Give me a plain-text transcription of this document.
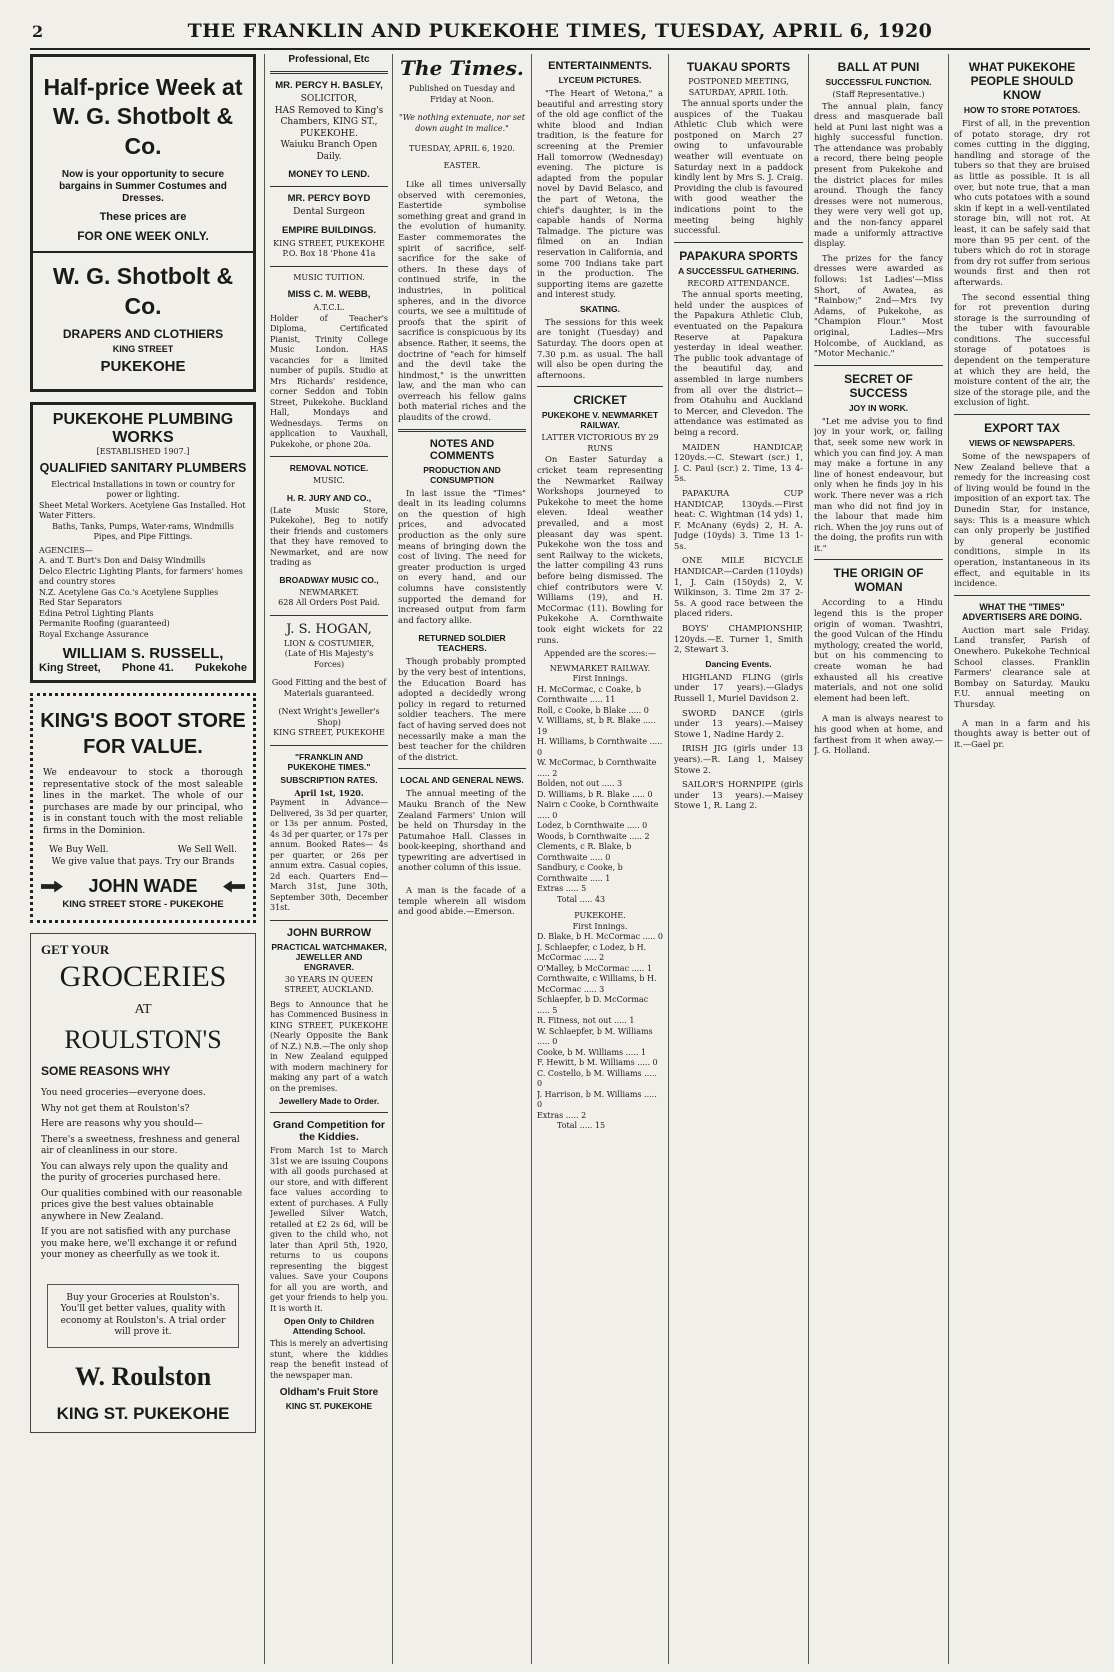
2	THE FRANKLIN AND PUKEKOHE TIMES, TUESDAY, APRIL 6, 1920
Half-price Week at
W. G. Shotbolt & Co.
Now is your opportunity to secure bargains in Summer Costumes and Dresses.
These prices are
FOR ONE WEEK ONLY.
W. G. Shotbolt & Co.
DRAPERS AND CLOTHIERS
KING STREET
PUKEKOHE
PUKEKOHE PLUMBING WORKS
[ESTABLISHED 1907.]
QUALIFIED SANITARY PLUMBERS
Electrical Installations in town or country for power or lighting.
Sheet Metal Workers. Acetylene Gas Installed. Hot Water Fitters.
Baths, Tanks, Pumps, Water-rams, Windmills Pipes, and Pipe Fittings.
AGENCIES—
A. and T. Burt's Don and Daisy Windmills
Delco Electric Lighting Plants, for farmers' homes and country stores
N.Z. Acetylene Gas Co.'s Acetylene Supplies
Red Star Separators
Edina Petrol Lighting Plants
Permanite Roofing (guaranteed)
Royal Exchange Assurance
WILLIAM S. RUSSELL,
King Street, Phone 41. Pukekohe
KING'S BOOT STORE
FOR VALUE.
We endeavour to stock a thorough representative stock of the most saleable lines in the market. The whole of our purchases are made by our principal, who is in constant touch with the most reliable firms in the Dominion.
We Buy Well.	We Sell Well.
We give value that pays. Try our Brands
JOHN WADE
KING STREET STORE - PUKEKOHE
GET YOUR
GROCERIES
AT
ROULSTON'S
SOME REASONS WHY

You need groceries—everyone does.

Why not get them at Roulston's?

Here are reasons why you should—

There's a sweetness, freshness and general air of cleanliness in our store.

You can always rely upon the quality and the purity of groceries purchased here.

Our qualities combined with our reasonable prices give the best values obtainable anywhere in New Zealand.

If you are not satisfied with any purchase you make here, we'll exchange it or refund your money as cheerfully as we took it.

Buy your Groceries at Roulston's. You'll get better values, quality with economy at Roulston's. A trial order will prove it.
W. Roulston
KING ST. PUKEKOHE
Professional, Etc
MR. PERCY H. BASLEY,
SOLICITOR,
HAS Removed to King's Chambers, KING ST., PUKEKOHE.
Waiuku Branch Open Daily.
MONEY TO LEND.
MR. PERCY BOYD
Dental Surgeon
EMPIRE BUILDINGS.
KING STREET, PUKEKOHE
P.O. Box 18 'Phone 41a
MUSIC TUITION.
MISS C. M. WEBB,
A.T.C.L.
Holder of Teacher's Diploma, Certificated Pianist, Trinity College Music London. HAS vacancies for a limited number of pupils. Studio at Mrs Richards' residence, corner Seddon and Tobin Street, Pukekohe. Buckland Hall, Mondays and Wednesdays. Terms on application to Vauxhall, Pukekohe, or phone 20a.
REMOVAL NOTICE.
MUSIC.
H. R. JURY AND CO.,
(Late Music Store, Pukekohe), Beg to notify their friends and customers that they have removed to Newmarket, and are now trading as
BROADWAY MUSIC CO.,
NEWMARKET.
628 All Orders Post Paid.
J. S. HOGAN,
LION & COSTUMIER,
(Late of His Majesty's Forces)
Good Fitting and the best of Materials guaranteed.
(Next Wright's Jeweller's Shop)
KING STREET, PUKEKOHE
"FRANKLIN AND PUKEKOHE TIMES."
SUBSCRIPTION RATES.
April 1st, 1920.
Payment in Advance— Delivered, 3s 3d per quarter, or 13s per annum. Posted, 4s 3d per quarter, or 17s per annum. Booked Rates— 4s per quarter, or 26s per annum extra. Casual copies, 2d each. Quarters End— March 31st, June 30th, September 30th, December 31st.
JOHN BURROW
PRACTICAL WATCHMAKER, JEWELLER AND ENGRAVER.
30 YEARS IN QUEEN STREET, AUCKLAND.
Begs to Announce that he has Commenced Business in KING STREET, PUKEKOHE (Nearly Opposite the Bank of N.Z.) N.B.—The only shop in New Zealand equipped with modern machinery for making any part of a watch on the premises.
Jewellery Made to Order.
Grand Competition for the Kiddies.
From March 1st to March 31st we are issuing Coupons with all goods purchased at our store, and with different face values according to extent of purchases. A Fully Jewelled Silver Watch, retailed at £2 2s 6d, will be given to the child who, not later than April 5th, 1920, returns to us coupons representing the biggest values. Save your Coupons for all you are worth, and get your friends to help you. It is worth it.
Open Only to Children Attending School.
This is merely an advertising stunt, where the kiddies reap the benefit instead of the newspaper man.
Oldham's Fruit Store
KING ST. PUKEKOHE
The Times.
Published on Tuesday and Friday at Noon.
"We nothing extenuate, nor set down aught in malice."
TUESDAY, APRIL 6, 1920.
EASTER.

Like all times universally observed with ceremonies, Eastertide symbolise something great and grand in the evolution of humanity. Easter commemorates the spirit of sacrifice, self-sacrifice for the sake of others. In these days of continued strife, in the industries, in political spheres, and in the divorce courts, we see a multitude of proofs that the spirit of sacrifice is conspicuous by its absence. Rather, it seems, the doctrine of "each for himself and the devil take the hindmost," is the unwritten law, and the man who can overreach his fellow gains both material riches and the plaudits of the crowd.

NOTES AND COMMENTS
PRODUCTION AND CONSUMPTION

In last issue the "Times" dealt in its leading columns on the question of high prices, and advocated production as the only sure means of bringing down the cost of living. The need for greater production is urged on every hand, and our columns have consistently supported the demand for increased output from farm and factory alike.

RETURNED SOLDIER TEACHERS.

Though probably prompted by the very best of intentions, the Education Board has adopted a decidedly wrong policy in regard to returned soldier teachers. The mere fact of having served does not necessarily make a man the best teacher for the children of the district.

LOCAL AND GENERAL NEWS.

The annual meeting of the Mauku Branch of the New Zealand Farmers' Union will be held on Thursday in the Patumahoe Hall. Classes in book-keeping, shorthand and typewriting are advertised in another column of this issue.

A man is the facade of a temple wherein all wisdom and good abide.—Emerson.

ENTERTAINMENTS.
LYCEUM PICTURES.

"The Heart of Wetona," a beautiful and arresting story of the old age conflict of the white blood and Indian tradition, is the feature for screening at the Premier Hall tomorrow (Wednesday) evening. The picture is adapted from the popular novel by David Belasco, and the part of Wetona, the chief's daughter, is in the capable hands of Norma Talmadge. The picture was filmed on an Indian reservation in California, and some 700 Indians take part in the production. The supporting items are gazette and interest study.

SKATING.

The sessions for this week are tonight (Tuesday) and Saturday. The doors open at 7.30 p.m. as usual. The hall will also be open during the afternoons.

CRICKET
PUKEKOHE V. NEWMARKET RAILWAY.
LATTER VICTORIOUS BY 29 RUNS

On Easter Saturday a cricket team representing the Newmarket Railway Workshops journeyed to Pukekohe to meet the home eleven. Ideal weather prevailed, and a most pleasant day was spent. Pukekohe won the toss and sent Railway to the wickets, the latter compiling 43 runs before being dismissed. The chief contributors were V. Williams (19), and H. McCormac (11). Bowling for Pukekohe A. Cornthwaite took eight wickets for 22 runs.

Appended are the scores:—
NEWMARKET RAILWAY.
First Innings.
H. McCormac, c Coake, b Cornthwaite ..... 11
Roll, c Cooke, b Blake ..... 0
V. Williams, st, b R. Blake ..... 19
H. Williams, b Cornthwaite ..... 0
W. McCormac, b Cornthwaite ..... 2
Bolden, not out ..... 3
D. Williams, b R. Blake ..... 0
Nairn c Cooke, b Cornthwaite ..... 0
Lodez, b Cornthwaite ..... 0
Woods, b Cornthwaite ..... 2
Clements, c R. Blake, b Cornthwaite ..... 0
Sandbury, c Cooke, b Cornthwaite ..... 1
Extras ..... 5
Total ..... 43
PUKEKOHE.
First Innings.
D. Blake, b H. McCormac ..... 0
J. Schlaepfer, c Lodez, b H. McCormac ..... 2
O'Malley, b McCormac ..... 1
Cornthwaite, c Williams, b H. McCormac ..... 3
Schlaepfer, b D. McCormac ..... 5
R. Fitness, not out ..... 1
W. Schlaepfer, b M. Williams ..... 0
Cooke, b M. Williams ..... 1
F. Hewitt, b M. Williams ..... 0
C. Costello, b M. Williams ..... 0
J. Harrison, b M. Williams ..... 0
Extras ..... 2
Total ..... 15
TUAKAU SPORTS
POSTPONED MEETING, SATURDAY, APRIL 10th.

The annual sports under the auspices of the Tuakau Athletic Club which were postponed on March 27 owing to unfavourable weather will eventuate on Saturday next in a paddock kindly lent by Mrs S. J. Craig. Providing the club is favoured with good weather the indications point to the meeting being highly successful.

PAPAKURA SPORTS
A SUCCESSFUL GATHERING.
RECORD ATTENDANCE.

The annual sports meeting, held under the auspices of the Papakura Athletic Club, eventuated on the Papakura Reserve at Papakura yesterday in ideal weather. The public took advantage of the beautiful day, and assembled in large numbers from all over the district—from Otahuhu and Auckland to Mercer, and Clevedon. The attendance was estimated as being a record.

MAIDEN HANDICAP, 120yds.—C. Stewart (scr.) 1, J. C. Paul (scr.) 2. Time, 13 4-5s.

PAPAKURA CUP HANDICAP, 130yds.—First heat: C. Wightman (14 yds) 1, F. McAnany (6yds) 2, H. A. Judge (10yds) 3. Time 13 1-5s.

ONE MILE BICYCLE HANDICAP.—Carden (110yds) 1, J. Cain (150yds) 2, V. Wilkinson, 3. Time 2m 37 2-5s. A good race between the placed riders.

BOYS' CHAMPIONSHIP, 120yds.—E. Turner 1, Smith 2, Stewart 3.

Dancing Events.

HIGHLAND FLING (girls under 17 years).—Gladys Russell 1, Muriel Davidson 2.

SWORD DANCE (girls under 13 years).—Maisey Stowe 1, Nadine Hardy 2.

IRISH JIG (girls under 13 years).—R. Lang 1, Maisey Stowe 2.

SAILOR'S HORNPIPE (girls under 13 years).—Maisey Stowe 1, R. Lang 2.

BALL AT PUNI
SUCCESSFUL FUNCTION.
(Staff Representative.)

The annual plain, fancy dress and masquerade ball held at Puni last night was a highly successful function. The attendance was probably a record, there being people present from Pukekohe and the district places for miles around. Though the fancy dresses were not numerous, they were very well got up, and the non-fancy apparel made a uniformly attractive display.

The prizes for the fancy dresses were awarded as follows: 1st Ladies'—Miss Short, of Awatea, as "Rainbow;" 2nd—Mrs Ivy Adams, of Pukekohe, as "Champion Flour." Most original, Ladies—Mrs Holcombe, of Auckland, as "Motor Mechanic."

SECRET OF SUCCESS
JOY IN WORK.

"Let me advise you to find joy in your work, or, failing that, seek some new work in which you can find joy. A man may make a fortune in any line of honest endeavour, but only when he finds joy in his work. There never was a rich man who did not find joy in the labour that made him rich. When the joy runs out of the doing, the profits run with it."

THE ORIGIN OF WOMAN

According to a Hindu legend this is the proper origin of woman. Twashtri, the good Vulcan of the Hindu mythology, created the world, but on his commencing to create woman he had exhausted all his creative materials, and not one solid element had been left.

A man is always nearest to his good when at home, and farthest from it when away.—J. G. Holland.

WHAT PUKEKOHE PEOPLE SHOULD KNOW
HOW TO STORE POTATOES.

First of all, in the prevention of potato storage, dry rot comes cutting in the digging, handling and storage of the tubers so that they are bruised as little as possible. It is all over, but note true, that a man who cuts potatoes with a sound skin if kept in a well-ventilated storage bin, will not rot. At least, it can be safely said that more than 95 per cent. of the tubers which do rot in storage from dry rot suffer from serious wounds first and then rot afterwards.

The second essential thing for rot prevention during storage is the surrounding of the tuber with favourable conditions. The successful storage of potatoes is dependent on the temperature at which they are held, the moisture content of the air, the size of the storage pile, and the exclusion of light.

EXPORT TAX
VIEWS OF NEWSPAPERS.

Some of the newspapers of New Zealand believe that a remedy for the increasing cost of living would be found in the imposition of an export tax. The Dunedin Star, for instance, says: This is a measure which can only properly be justified by general economic conditions, simple in its operation, instantaneous in its effect, and equitable in its incidence.

WHAT THE "TIMES" ADVERTISERS ARE DOING.

Auction mart sale Friday. Land transfer, Parish of Onewhero. Pukekohe Technical School classes. Franklin Farmers' clearance sale at Bombay on Saturday. Mauku F.U. annual meeting on Thursday.

A man in a farm and his thoughts away is better out of it.—Gael pr.
